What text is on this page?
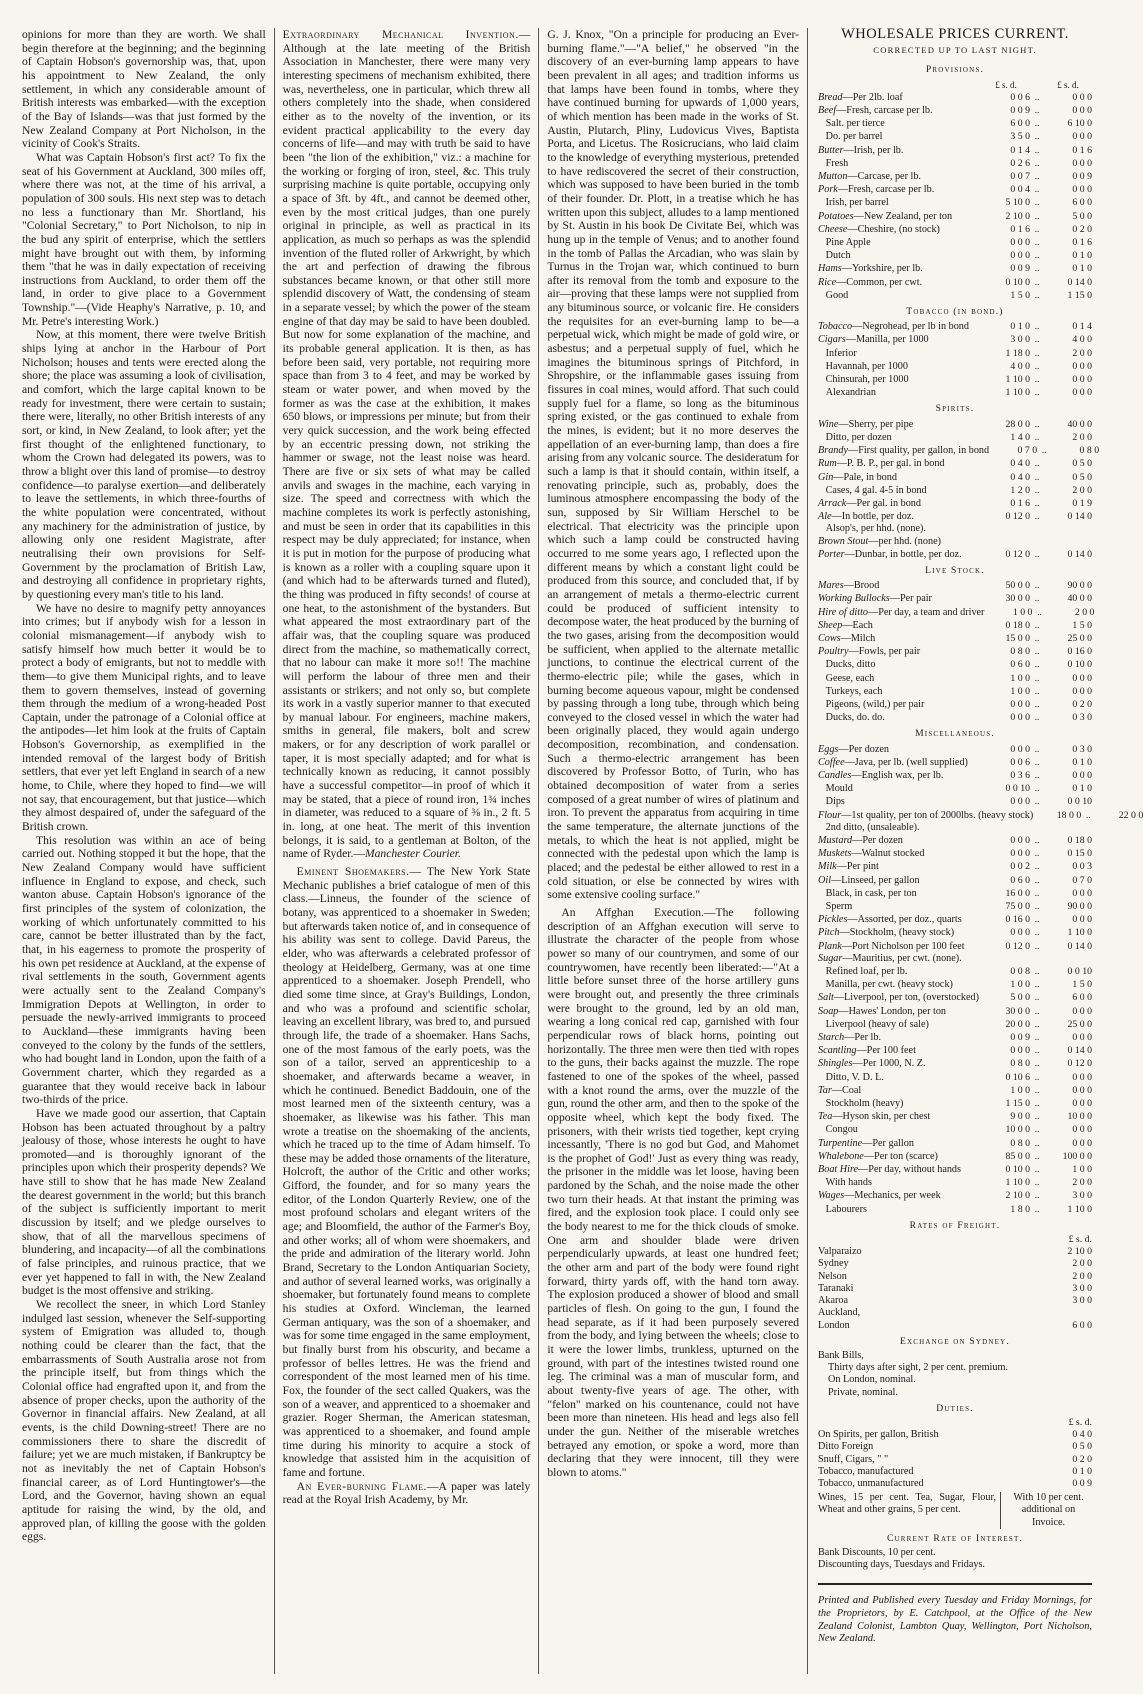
opinions for more than they are worth. We shall begin therefore at the beginning; and the beginning of Captain Hobson's governorship was, that, upon his appointment to New Zealand, the only settlement, in which any considerable amount of British interests was embarked—with the exception of the Bay of Islands—was that just formed by the New Zealand Company at Port Nicholson, in the vicinity of Cook's Straits.

What was Captain Hobson's first act? To fix the seat of his Government at Auckland, 300 miles off, where there was not, at the time of his arrival, a population of 300 souls. His next step was to detach no less a functionary than Mr. Shortland, his "Colonial Secretary," to Port Nicholson, to nip in the bud any spirit of enterprise, which the settlers might have brought out with them, by informing them "that he was in daily expectation of receiving instructions from Auckland, to order them off the land, in order to give place to a Government Township."—(Vide Heaphy's Narrative, p. 10, and Mr. Petre's interesting Work.)

Now, at this moment, there were twelve British ships lying at anchor in the Harbour of Port Nicholson; houses and tents were erected along the shore; the place was assuming a look of civilisation, and comfort, which the large capital known to be ready for investment, there were certain to sustain; there were, literally, no other British interests of any sort, or kind, in New Zealand, to look after; yet the first thought of the enlightened functionary, to whom the Crown had delegated its powers, was to throw a blight over this land of promise—to destroy confidence—to paralyse exertion—and deliberately to leave the settlements, in which three-fourths of the white population were concentrated, without any machinery for the administration of justice, by allowing only one resident Magistrate, after neutralising their own provisions for Self-Government by the proclamation of British Law, and destroying all confidence in proprietary rights, by questioning every man's title to his land.

We have no desire to magnify petty annoyances into crimes; but if anybody wish for a lesson in colonial mismanagement—if anybody wish to satisfy himself how much better it would be to protect a body of emigrants, but not to meddle with them—to give them Municipal rights, and to leave them to govern themselves, instead of governing them through the medium of a wrong-headed Post Captain, under the patronage of a Colonial office at the antipodes—let him look at the fruits of Captain Hobson's Governorship, as exemplified in the intended removal of the largest body of British settlers, that ever yet left England in search of a new home, to Chile, where they hoped to find—we will not say, that encouragement, but that justice—which they almost despaired of, under the safeguard of the British crown.

This resolution was within an ace of being carried out. Nothing stopped it but the hope, that the New Zealand Company would have sufficient influence in England to expose, and check, such wanton abuse. Captain Hobson's ignorance of the first principles of the system of colonization, the working of which unfortunately committed to his care, cannot be better illustrated than by the fact, that, in his eagerness to promote the prosperity of his own pet residence at Auckland, at the expense of rival settlements in the south, Government agents were actually sent to the Zealand Company's Immigration Depots at Wellington, in order to persuade the newly-arrived immigrants to proceed to Auckland—these immigrants having been conveyed to the colony by the funds of the settlers, who had bought land in London, upon the faith of a Government charter, which they regarded as a guarantee that they would receive back in labour two-thirds of the price.

Have we made good our assertion, that Captain Hobson has been actuated throughout by a paltry jealousy of those, whose interests he ought to have promoted—and is thoroughly ignorant of the principles upon which their prosperity depends? We have still to show that he has made New Zealand the dearest government in the world; but this branch of the subject is sufficiently important to merit discussion by itself; and we pledge ourselves to show, that of all the marvellous specimens of blundering, and incapacity—of all the combinations of false principles, and ruinous practice, that we ever yet happened to fall in with, the New Zealand budget is the most offensive and striking.

We recollect the sneer, in which Lord Stanley indulged last session, whenever the Self-supporting system of Emigration was alluded to, though nothing could be clearer than the fact, that the embarrassments of South Australia arose not from the principle itself, but from things which the Colonial office had engrafted upon it, and from the absence of proper checks, upon the authority of the Governor in financial affairs. New Zealand, at all events, is the child Downing-street! There are no commissioners there to share the discredit of failure; yet we are much mistaken, if Bankruptcy be not as inevitably the net of Captain Hobson's financial career, as of Lord Huntingtower's—the Lord, and the Governor, having shown an equal aptitude for raising the wind, by the old, and approved plan, of killing the goose with the golden eggs.

Extraordinary Mechanical Invention.—Although at the late meeting of the British Association in Manchester, there were many very interesting specimens of mechanism exhibited, there was, nevertheless, one in particular, which threw all others completely into the shade, when considered either as to the novelty of the invention, or its evident practical applicability to the every day concerns of life—and may with truth be said to have been "the lion of the exhibition," viz.: a machine for the working or forging of iron, steel, &c. This truly surprising machine is quite portable, occupying only a space of 3ft. by 4ft., and cannot be deemed other, even by the most critical judges, than one purely original in principle, as well as practical in its application, as much so perhaps as was the splendid invention of the fluted roller of Arkwright, by which the art and perfection of drawing the fibrous substances became known, or that other still more splendid discovery of Watt, the condensing of steam in a separate vessel; by which the power of the steam engine of that day may be said to have been doubled. But now for some explanation of the machine, and its probable general application. It is then, as has before been said, very portable, not requiring more space than from 3 to 4 feet, and may be worked by steam or water power, and when moved by the former as was the case at the exhibition, it makes 650 blows, or impressions per minute; but from their very quick succession, and the work being effected by an eccentric pressing down, not striking the hammer or swage, not the least noise was heard. There are five or six sets of what may be called anvils and swages in the machine, each varying in size. The speed and correctness with which the machine completes its work is perfectly astonishing, and must be seen in order that its capabilities in this respect may be duly appreciated; for instance, when it is put in motion for the purpose of producing what is known as a roller with a coupling square upon it (and which had to be afterwards turned and fluted), the thing was produced in fifty seconds! of course at one heat, to the astonishment of the bystanders. But what appeared the most extraordinary part of the affair was, that the coupling square was produced direct from the machine, so mathematically correct, that no labour can make it more so!! The machine will perform the labour of three men and their assistants or strikers; and not only so, but complete its work in a vastly superior manner to that executed by manual labour. For engineers, machine makers, smiths in general, file makers, bolt and screw makers, or for any description of work parallel or taper, it is most specially adapted; and for what is technically known as reducing, it cannot possibly have a successful competitor—in proof of which it may be stated, that a piece of round iron, 1¾ inches in diameter, was reduced to a square of ⅜ in., 2 ft. 5 in. long, at one heat. The merit of this invention belongs, it is said, to a gentleman at Bolton, of the name of Ryder.—Manchester Courier.

Eminent Shoemakers.— The New York State Mechanic publishes a brief catalogue of men of this class.—Linneus, the founder of the science of botany, was apprenticed to a shoemaker in Sweden; but afterwards taken notice of, and in consequence of his ability was sent to college. David Pareus, the elder, who was afterwards a celebrated professor of theology at Heidelberg, Germany, was at one time apprenticed to a shoemaker. Joseph Prendell, who died some time since, at Gray's Buildings, London, and who was a profound and scientific scholar, leaving an excellent library, was bred to, and pursued through life, the trade of a shoemaker. Hans Sachs, one of the most famous of the early poets, was the son of a tailor, served an apprenticeship to a shoemaker, and afterwards became a weaver, in which he continued. Benedict Baddouin, one of the most learned men of the sixteenth century, was a shoemaker, as likewise was his father. This man wrote a treatise on the shoemaking of the ancients, which he traced up to the time of Adam himself. To these may be added those ornaments of the literature, Holcroft, the author of the Critic and other works; Gifford, the founder, and for so many years the editor, of the London Quarterly Review, one of the most profound scholars and elegant writers of the age; and Bloomfield, the author of the Farmer's Boy, and other works; all of whom were shoemakers, and the pride and admiration of the literary world. John Brand, Secretary to the London Antiquarian Society, and author of several learned works, was originally a shoemaker, but fortunately found means to complete his studies at Oxford. Wincleman, the learned German antiquary, was the son of a shoemaker, and was for some time engaged in the same employment, but finally burst from his obscurity, and became a professor of belles lettres. He was the friend and correspondent of the most learned men of his time. Fox, the founder of the sect called Quakers, was the son of a weaver, and apprenticed to a shoemaker and grazier. Roger Sherman, the American statesman, was apprenticed to a shoemaker, and found ample time during his minority to acquire a stock of knowledge that assisted him in the acquisition of fame and fortune.

An Ever-burning Flame.—A paper was lately read at the Royal Irish Academy, by Mr.

G. J. Knox, "On a principle for producing an Ever-burning flame."—"A belief," he observed "in the discovery of an ever-burning lamp appears to have been prevalent in all ages; and tradition informs us that lamps have been found in tombs, where they have continued burning for upwards of 1,000 years, of which mention has been made in the works of St. Austin, Plutarch, Pliny, Ludovicus Vives, Baptista Porta, and Licetus. The Rosicrucians, who laid claim to the knowledge of everything mysterious, pretended to have rediscovered the secret of their construction, which was supposed to have been buried in the tomb of their founder. Dr. Plott, in a treatise which he has written upon this subject, alludes to a lamp mentioned by St. Austin in his book De Civitate Bei, which was hung up in the temple of Venus; and to another found in the tomb of Pallas the Arcadian, who was slain by Turnus in the Trojan war, which continued to burn after its removal from the tomb and exposure to the air—proving that these lamps were not supplied from any bituminous source, or volcanic fire. He considers the requisites for an ever-burning lamp to be—a perpetual wick, which might be made of gold wire, or asbestus; and a perpetual supply of fuel, which he imagines the bituminous springs of Pitchford, in Shropshire, or the inflammable gases issuing from fissures in coal mines, would afford. That such could supply fuel for a flame, so long as the bituminous spring existed, or the gas continued to exhale from the mines, is evident; but it no more deserves the appellation of an ever-burning lamp, than does a fire arising from any volcanic source. The desideratum for such a lamp is that it should contain, within itself, a renovating principle, such as, probably, does the luminous atmosphere encompassing the body of the sun, supposed by Sir William Herschel to be electrical. That electricity was the principle upon which such a lamp could be constructed having occurred to me some years ago, I reflected upon the different means by which a constant light could be produced from this source, and concluded that, if by an arrangement of metals a thermo-electric current could be produced of sufficient intensity to decompose water, the heat produced by the burning of the two gases, arising from the decomposition would be sufficient, when applied to the alternate metallic junctions, to continue the electrical current of the thermo-electric pile; while the gases, which in burning become aqueous vapour, might be condensed by passing through a long tube, through which being conveyed to the closed vessel in which the water had been originally placed, they would again undergo decomposition, recombination, and condensation. Such a thermo-electric arrangement has been discovered by Professor Botto, of Turin, who has obtained decomposition of water from a series composed of a great number of wires of platinum and iron. To prevent the apparatus from acquiring in time the same temperature, the alternate junctions of the metals, to which the heat is not applied, might be connected with the pedestal upon which the lamp is placed; and the pedestal be either allowed to rest in a cold situation, or else be connected by wires with some extensive cooling surface."

An Affghan Execution.—The following description of an Affghan execution will serve to illustrate the character of the people from whose power so many of our countrymen, and some of our countrywomen, have recently been liberated:—"At a little before sunset three of the horse artillery guns were brought out, and presently the three criminals were brought to the ground, led by an old man, wearing a long conical red cap, garnished with four perpendicular rows of black horns, pointing out horizontally. The three men were then tied with ropes to the guns, their backs against the muzzle. The rope fastened to one of the spokes of the wheel, passed with a knot round the arms, over the muzzle of the gun, round the other arm, and then to the spoke of the opposite wheel, which kept the body fixed. The prisoners, with their wrists tied together, kept crying incessantly, 'There is no god but God, and Mahomet is the prophet of God!' Just as every thing was ready, the prisoner in the middle was let loose, having been pardoned by the Schah, and the noise made the other two turn their heads. At that instant the priming was fired, and the explosion took place. I could only see the body nearest to me for the thick clouds of smoke. One arm and shoulder blade were driven perpendicularly upwards, at least one hundred feet; the other arm and part of the body were found right forward, thirty yards off, with the hand torn away. The explosion produced a shower of blood and small particles of flesh. On going to the gun, I found the head separate, as if it had been purposely severed from the body, and lying between the wheels; close to it were the lower limbs, trunkless, upturned on the ground, with part of the intestines twisted round one leg. The criminal was a man of muscular form, and about twenty-five years of age. The other, with "felon" marked on his countenance, could not have been more than nineteen. His head and legs also fell under the gun. Neither of the miserable wretches betrayed any emotion, or spoke a word, more than declaring that they were innocent, till they were blown to atoms."

WHOLESALE PRICES CURRENT.
CORRECTED UP TO LAST NIGHT.
Provisions.
£ s. d.	£ s. d.
Bread—Per 2lb. loaf	0 0 6 ..	0 0 0
Beef—Fresh, carcase per lb.	0 0 9 ..	0 0 0
Salt. per tierce	6 0 0 ..	6 10 0
Do. per barrel	3 5 0 ..	0 0 0
Butter—Irish, per lb.	0 1 4 ..	0 1 6
Fresh	0 2 6 ..	0 0 0
Mutton—Carcase, per lb.	0 0 7 ..	0 0 9
Pork—Fresh, carcase per lb.	0 0 4 ..	0 0 0
Irish, per barrel	5 10 0 ..	6 0 0
Potatoes—New Zealand, per ton	2 10 0 ..	5 0 0
Cheese—Cheshire, (no stock)	0 1 6 ..	0 2 0
Pine Apple	0 0 0 ..	0 1 6
Dutch	0 0 0 ..	0 1 0
Hams—Yorkshire, per lb.	0 0 9 ..	0 1 0
Rice—Common, per cwt.	0 10 0 ..	0 14 0
Good	1 5 0 ..	1 15 0
Tobacco (in bond.)
Tobacco—Negrohead, per lb in bond	0 1 0 ..	0 1 4
Cigars—Manilla, per 1000	3 0 0 ..	4 0 0
Inferior	1 18 0 ..	2 0 0
Havannah, per 1000	4 0 0 ..	0 0 0
Chinsurah, per 1000	1 10 0 ..	0 0 0
Alexandrian	1 10 0 ..	0 0 0
Spirits.
Wine—Sherry, per pipe	28 0 0 ..	40 0 0
Ditto, per dozen	1 4 0 ..	2 0 0
Brandy—First quality, per gallon, in bond	0 7 0 ..	0 8 0
Rum—P. B. P., per gal. in bond	0 4 0 ..	0 5 0
Gin—Pale, in bond	0 4 0 ..	0 5 0
Cases, 4 gal. 4-5 in bond	1 2 0 ..	2 0 0
Arrack—Per gal. in bond	0 1 6 ..	0 1 9
Ale—In bottle, per doz.	0 12 0 ..	0 14 0
Alsop's, per hhd. (none).
Brown Stout—per hhd. (none)
Porter—Dunbar, in bottle, per doz.	0 12 0 ..	0 14 0
Live Stock.
Mares—Brood	50 0 0 ..	90 0 0
Working Bullocks—Per pair	30 0 0 ..	40 0 0
Hire of ditto—Per day, a team and driver	1 0 0 ..	2 0 0
Sheep—Each	0 18 0 ..	1 5 0
Cows—Milch	15 0 0 ..	25 0 0
Poultry—Fowls, per pair	0 8 0 ..	0 16 0
Ducks, ditto	0 6 0 ..	0 10 0
Geese, each	1 0 0 ..	0 0 0
Turkeys, each	1 0 0 ..	0 0 0
Pigeons, (wild,) per pair	0 0 0 ..	0 2 0
Ducks, do. do.	0 0 0 ..	0 3 0
Miscellaneous.
Eggs—Per dozen	0 0 0 ..	0 3 0
Coffee—Java, per lb. (well supplied)	0 0 6 ..	0 1 0
Candles—English wax, per lb.	0 3 6 ..	0 0 0
Mould	0 0 10 ..	0 1 0
Dips	0 0 0 ..	0 0 10
Flour—1st quality, per ton of 2000lbs. (heavy stock)	18 0 0 ..	22 0 0
2nd ditto, (unsaleable).
Mustard—Per dozen	0 0 0 ..	0 18 0
Muskets—Walnut stocked	0 0 0 ..	0 15 0
Milk—Per pint	0 0 2 ..	0 0 3
Oil—Linseed, per gallon	0 6 0 ..	0 7 0
Black, in cask, per ton	16 0 0 ..	0 0 0
Sperm	75 0 0 ..	90 0 0
Pickles—Assorted, per doz., quarts	0 16 0 ..	0 0 0
Pitch—Stockholm, (heavy stock)	0 0 0 ..	1 10 0
Plank—Port Nicholson per 100 feet	0 12 0 ..	0 14 0
Sugar—Mauritius, per cwt. (none).
Refined loaf, per lb.	0 0 8 ..	0 0 10
Manilla, per cwt. (heavy stock)	1 0 0 ..	1 5 0
Salt—Liverpool, per ton, (overstocked)	5 0 0 ..	6 0 0
Soap—Hawes' London, per ton	30 0 0 ..	0 0 0
Liverpool (heavy of sale)	20 0 0 ..	25 0 0
Starch—Per lb.	0 0 9 ..	0 0 0
Scantling—Per 100 feet	0 0 0 ..	0 14 0
Shingles—Per 1000, N. Z.	0 8 0 ..	0 12 0
Ditto, V. D. L.	0 10 6 ..	0 0 0
Tar—Coal	1 0 0 ..	0 0 0
Stockholm (heavy)	1 15 0 ..	0 0 0
Tea—Hyson skin, per chest	9 0 0 ..	10 0 0
Congou	10 0 0 ..	0 0 0
Turpentine—Per gallon	0 8 0 ..	0 0 0
Whalebone—Per ton (scarce)	85 0 0 ..	100 0 0
Boat Hire—Per day, without hands	0 10 0 ..	1 0 0
With hands	1 10 0 ..	2 0 0
Wages—Mechanics, per week	2 10 0 ..	3 0 0
Labourers	1 8 0 ..	1 10 0
Rates of Freight.
£ s. d.
Valparaizo	2 10 0
Sydney	2 0 0
Nelson	2 0 0
Taranaki	3 0 0
Akaroa	3 0 0
Auckland,
London	6 0 0
Exchange on Sydney.
Bank Bills,
Thirty days after sight, 2 per cent. premium.
On London, nominal.
Private, nominal.
Duties.
£ s. d.
On Spirits, per gallon, British	0 4 0
Ditto Foreign	0 5 0
Snuff, Cigars, " "	0 2 0
Tobacco, manufactured	0 1 0
Tobacco, unmanufactured	0 0 9
Wines, 15 per cent. Tea, Sugar, Flour, Wheat and other grains, 5 per cent.
With 10 per cent. additional on Invoice.
Current Rate of Interest.
Bank Discounts, 10 per cent.
Discounting days, Tuesdays and Fridays.
Printed and Published every Tuesday and Friday Mornings, for the Proprietors, by E. Catchpool, at the Office of the New Zealand Colonist, Lambton Quay, Wellington, Port Nicholson, New Zealand.
